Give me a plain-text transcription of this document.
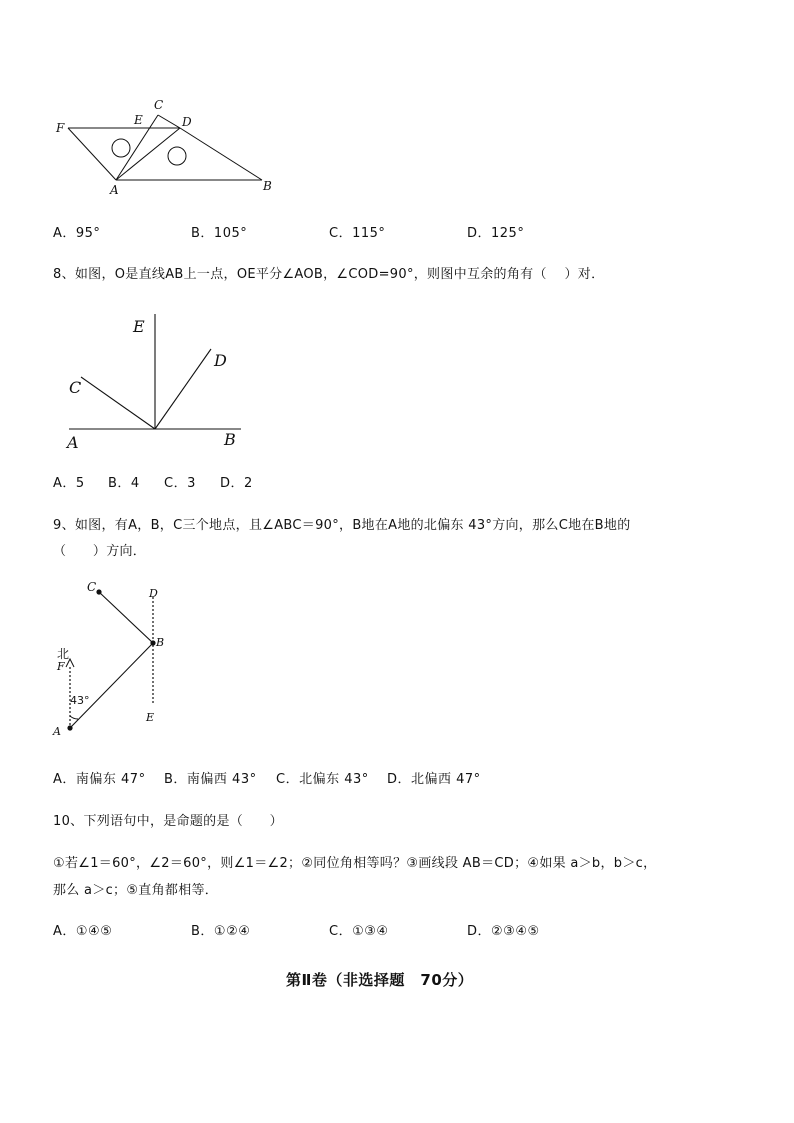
F
E
C
D
A	B
A．95°	B．105°	C．115°	D．125°
8、如图，O是直线AB上一点，OE平分∠AOB，∠COD=90°，则图中互余的角有（　 ）对．
E
D
C
A	B
A．5 B．4 C．3 D．2
9、如图，有A，B，C三个地点，且∠ABC＝90°，B地在A地的北偏东 43°方向，那么C地在B地的
（　　）方向．
C	D
B
北
F
43°
E
A
A．南偏东 47° B．南偏西 43° C．北偏东 43° D．北偏西 47°
10、下列语句中，是命题的是（　　）
①若∠1＝60°，∠2＝60°，则∠1＝∠2；②同位角相等吗？③画线段 AB＝CD；④如果 a＞b，b＞c，
那么 a＞c；⑤直角都相等．
A．①④⑤	B．①②④	C．①③④	D．②③④⑤
第Ⅱ卷（非选择题　70分）
